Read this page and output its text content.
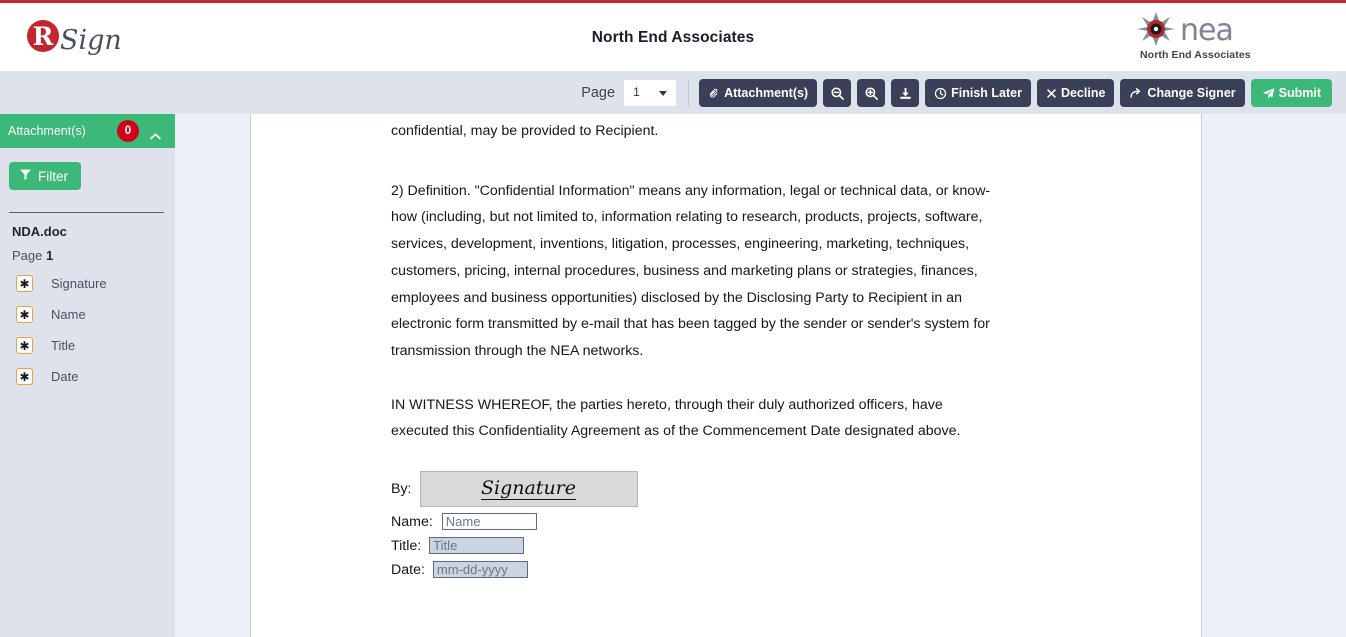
R Sign	North End Associates	nea
North End Associates
Page 1	Attachment(s)	Finish Later	Decline	Change Signer	Submit
Attachment(s)	0
Filter
NDA.doc
Page 1
✱ Signature
✱ Name
✱ Title
✱ Date
confidential, may be provided to Recipient.
2) Definition. "Confidential Information" means any information, legal or technical data, or know-
how (including, but not limited to, information relating to research, products, projects, software,
services, development, inventions, litigation, processes, engineering, marketing, techniques,
customers, pricing, internal procedures, business and marketing plans or strategies, finances,
employees and business opportunities) disclosed by the Disclosing Party to Recipient in an
electronic form transmitted by e-mail that has been tagged by the sender or sender's system for
transmission through the NEA networks.
IN WITNESS WHEREOF, the parties hereto, through their duly authorized officers, have
executed this Confidentiality Agreement as of the Commencement Date designated above.
By:	Signature
Name:
Name
Title:
Title
Date:
mm-dd-yyyy
